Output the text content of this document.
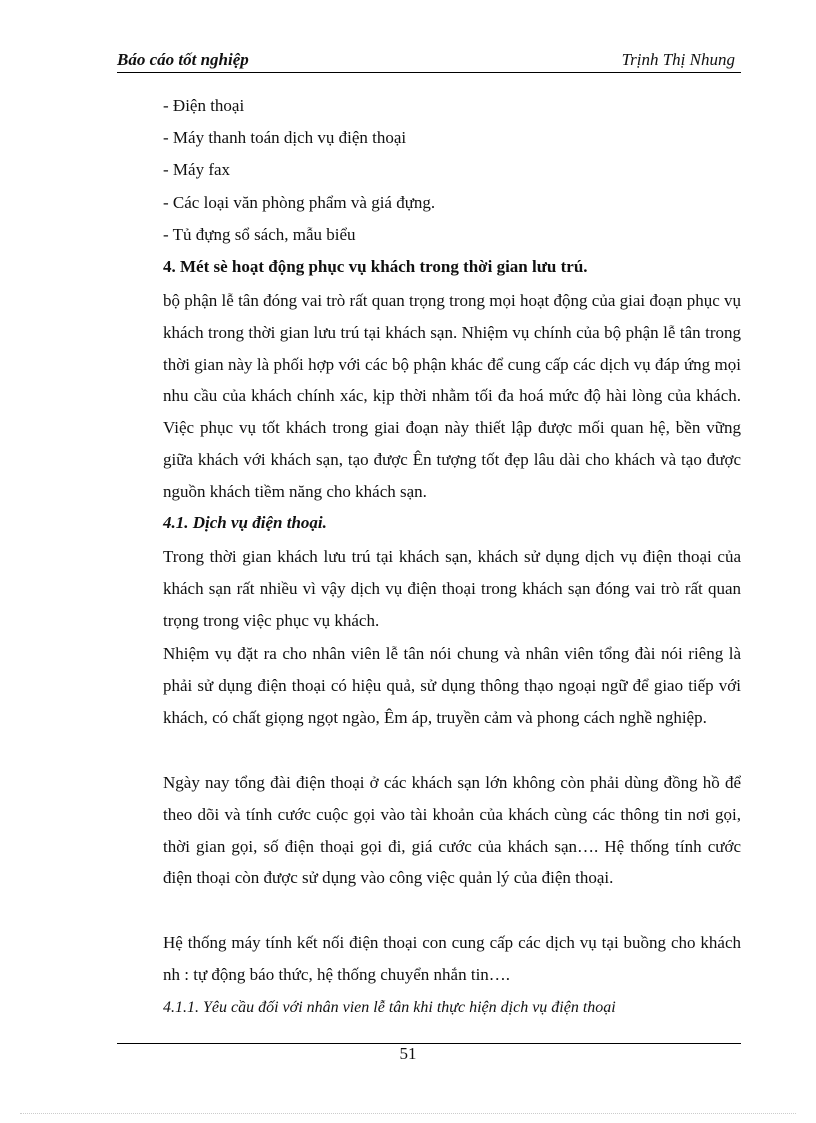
Báo cáo tốt nghiệp	Trịnh Thị Nhung
- Điện thoại
- Máy thanh toán dịch vụ điện thoại
- Máy fax
- Các loại văn phòng phẩm và giá đựng.
- Tủ đựng sổ sách, mẫu biểu
4. Mét sè hoạt động phục vụ khách trong thời gian lưu trú.
bộ phận lễ tân đóng vai trò rất quan trọng trong mọi hoạt động của giai đoạn phục vụ khách trong thời gian lưu trú tại khách sạn. Nhiệm vụ chính của bộ phận lễ tân trong thời gian này là phối hợp với các bộ phận khác để cung cấp các dịch vụ đáp ứng mọi nhu cầu của khách chính xác, kịp thời nhằm tối đa hoá mức độ hài lòng của khách. Việc phục vụ tốt khách trong giai đoạn này thiết lập được mối quan hệ, bền vững giữa khách với khách sạn, tạo được Ên tượng tốt đẹp lâu dài cho khách và tạo được nguồn khách tiềm năng cho khách sạn.
4.1. Dịch vụ điện thoại.
Trong thời gian khách lưu trú tại khách sạn, khách sử dụng dịch vụ điện thoại của khách sạn rất nhiều vì vậy dịch vụ điện thoại trong khách sạn đóng vai trò rất quan trọng trong việc phục vụ khách.
Nhiệm vụ đặt ra cho nhân viên lễ tân nói chung và nhân viên tổng đài nói riêng là phải sử dụng điện thoại có hiệu quả, sử dụng thông thạo ngoại ngữ để giao tiếp với khách, có chất giọng ngọt ngào, Êm áp, truyền cảm và phong cách nghề nghiệp.
Ngày nay tổng đài điện thoại ở các khách sạn lớn không còn phải dùng đồng hồ để theo dõi và tính cước cuộc gọi vào tài khoản của khách cùng các thông tin nơi gọi, thời gian gọi, số điện thoại gọi đi, giá cước của khách sạn…. Hệ thống tính cước điện thoại còn được sử dụng vào công việc quản lý của điện thoại.
Hệ thống máy tính kết nối điện thoại con cung cấp các dịch vụ tại buồng cho khách nh : tự động báo thức, hệ thống chuyển nhắn tin….
4.1.1. Yêu cầu đối với nhân vien lễ tân khi thực hiện dịch vụ điện thoại
51
